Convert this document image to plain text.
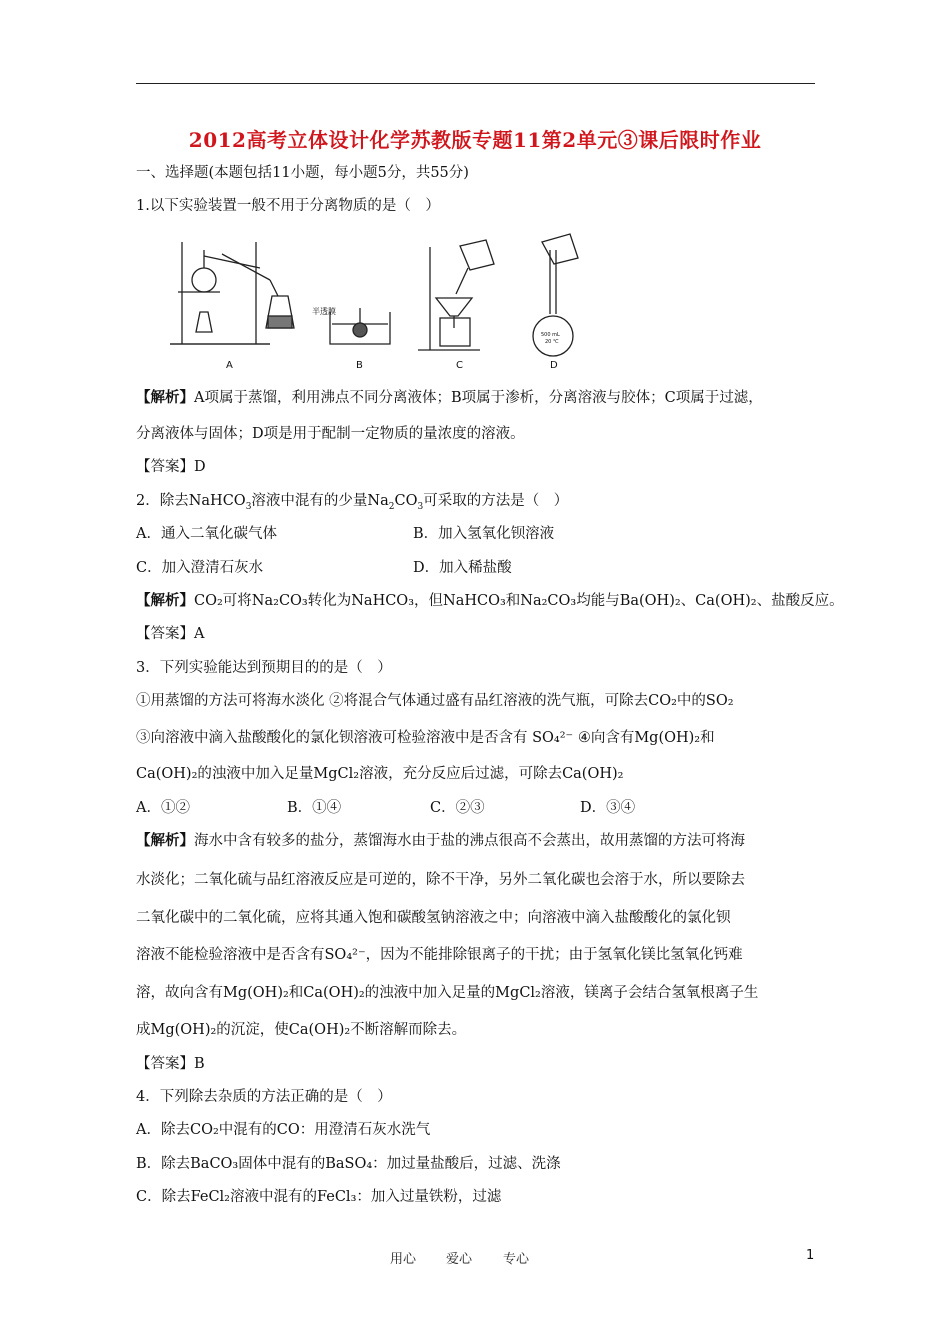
2012高考立体设计化学苏教版专题11第2单元③课后限时作业
一、选择题(本题包括11小题，每小题5分，共55分)
1.以下实验装置一般不用于分离物质的是（　）
A	B	C	D
半透膜
500 mL
20 ℃
【解析】A项属于蒸馏，利用沸点不同分离液体；B项属于渗析，分离溶液与胶体；C项属于过滤，
分离液体与固体；D项是用于配制一定物质的量浓度的溶液。
【答案】D
2．除去NaHCO$_3$溶液中混有的少量$Na_2CO_3$可采取的方法是（　）
A．通入二氧化碳气体	B．加入氢氧化钡溶液
C．加入澄清石灰水	D．加入稀盐酸
【解析】CO₂可将Na₂CO₃转化为NaHCO₃，但NaHCO₃和Na₂CO₃均能与Ba(OH)₂、Ca(OH)₂、盐酸反应。
【答案】A
3．下列实验能达到预期目的的是（　）
①用蒸馏的方法可将海水淡化 ②将混合气体通过盛有品红溶液的洗气瓶，可除去CO₂中的SO₂
③向溶液中滴入盐酸酸化的氯化钡溶液可检验溶液中是否含有 SO₄²⁻ ④向含有Mg(OH)₂和
Ca(OH)₂的浊液中加入足量MgCl₂溶液，充分反应后过滤，可除去Ca(OH)₂
A．①②	B．①④	C．②③	D．③④
【解析】海水中含有较多的盐分，蒸馏海水由于盐的沸点很高不会蒸出，故用蒸馏的方法可将海
水淡化；二氧化硫与品红溶液反应是可逆的，除不干净，另外二氧化碳也会溶于水，所以要除去
二氧化碳中的二氧化硫，应将其通入饱和碳酸氢钠溶液之中；向溶液中滴入盐酸酸化的氯化钡
溶液不能检验溶液中是否含有SO₄²⁻，因为不能排除银离子的干扰；由于氢氧化镁比氢氧化钙难
溶，故向含有Mg(OH)₂和Ca(OH)₂的浊液中加入足量的MgCl₂溶液，镁离子会结合氢氧根离子生
成Mg(OH)₂的沉淀，使Ca(OH)₂不断溶解而除去。
【答案】B
4．下列除去杂质的方法正确的是（　）
A．除去CO₂中混有的CO：用澄清石灰水洗气
B．除去BaCO₃固体中混有的BaSO₄：加过量盐酸后，过滤、洗涤
C．除去FeCl₂溶液中混有的FeCl₃：加入过量铁粉，过滤
用心 爱心 专心	1
